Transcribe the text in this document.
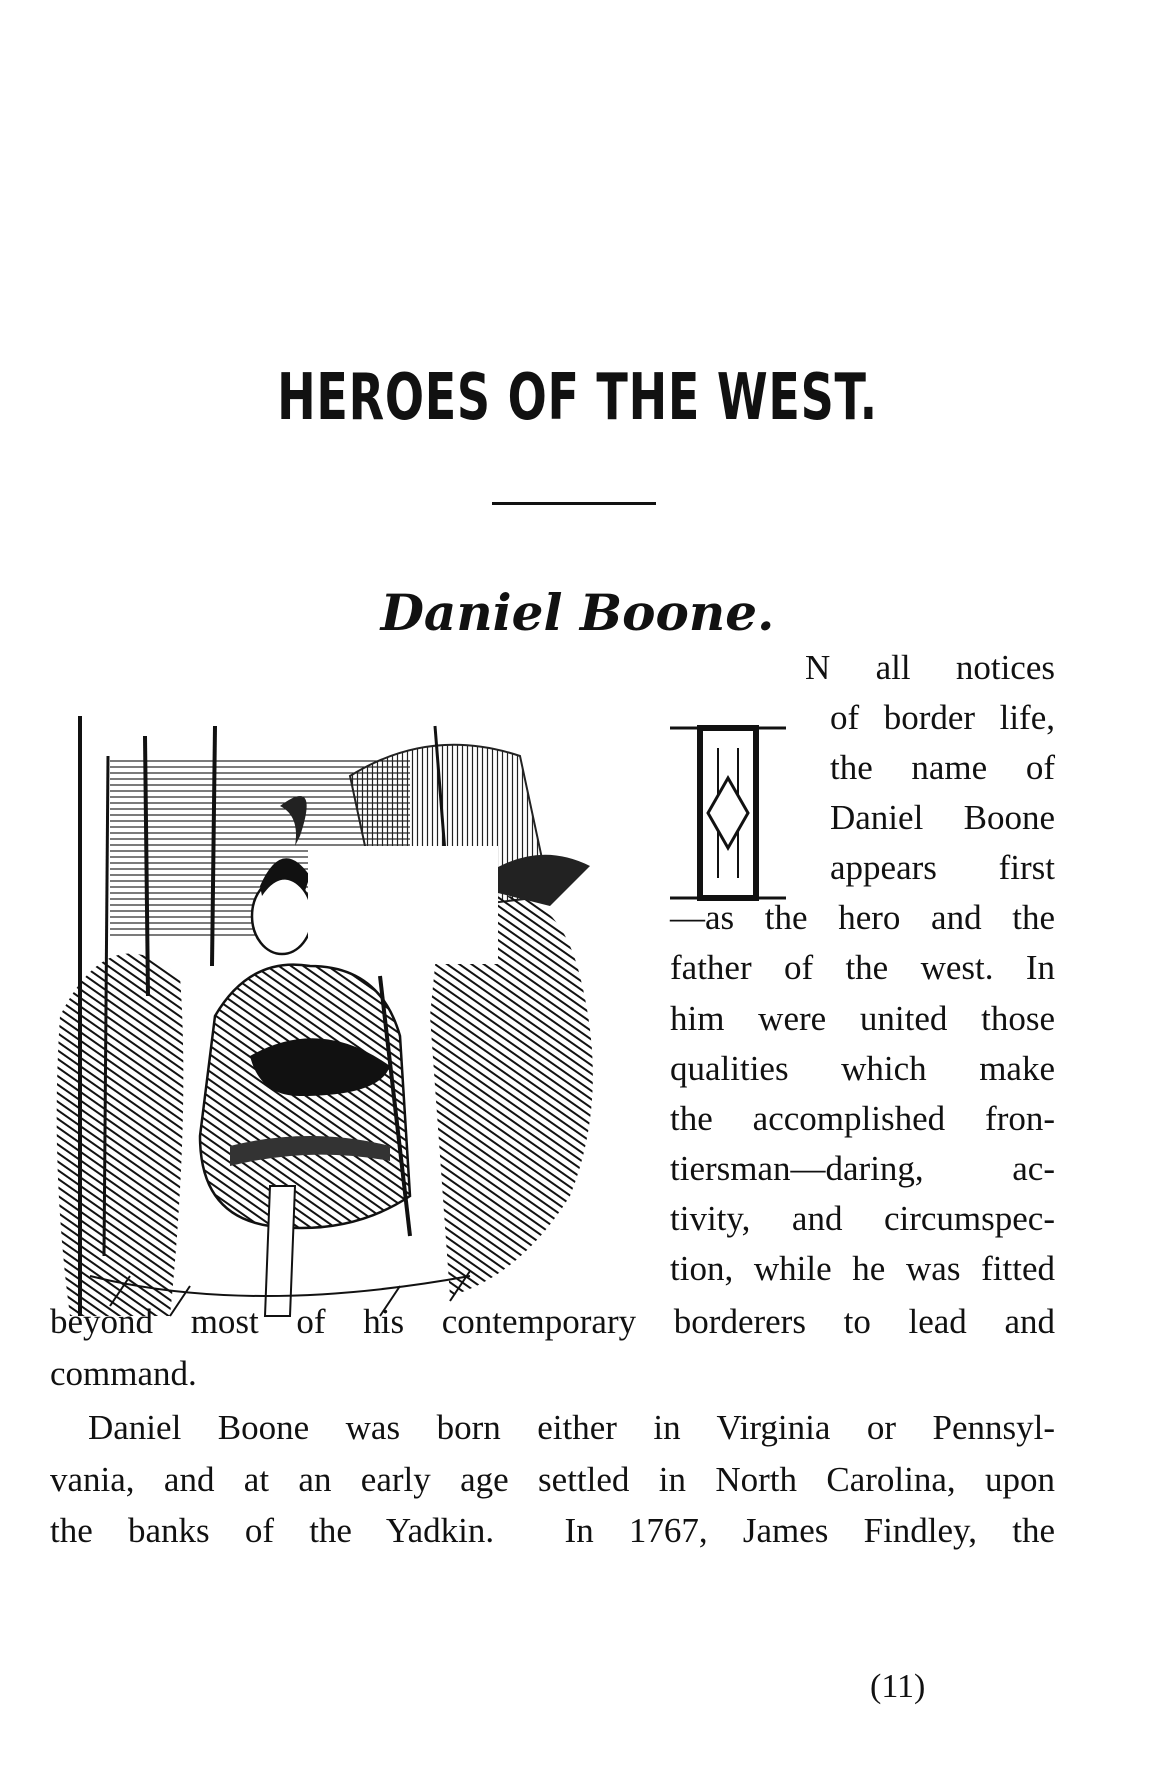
HEROES OF THE WEST.
Daniel Boone.
N all notices
of border life,
the name of
Daniel Boone
appears first
—as the hero and the
father of the west. In
him were united those
qualities which make
the accomplished fron-
tiersman—daring, ac-
tivity, and circumspec-
tion, while he was fitted
beyond most of his contemporary borderers to lead and
command.
Daniel Boone was born either in Virginia or Pennsyl-
vania, and at an early age settled in North Carolina, upon
the banks of the Yadkin.  In 1767, James Findley, the
(11)
